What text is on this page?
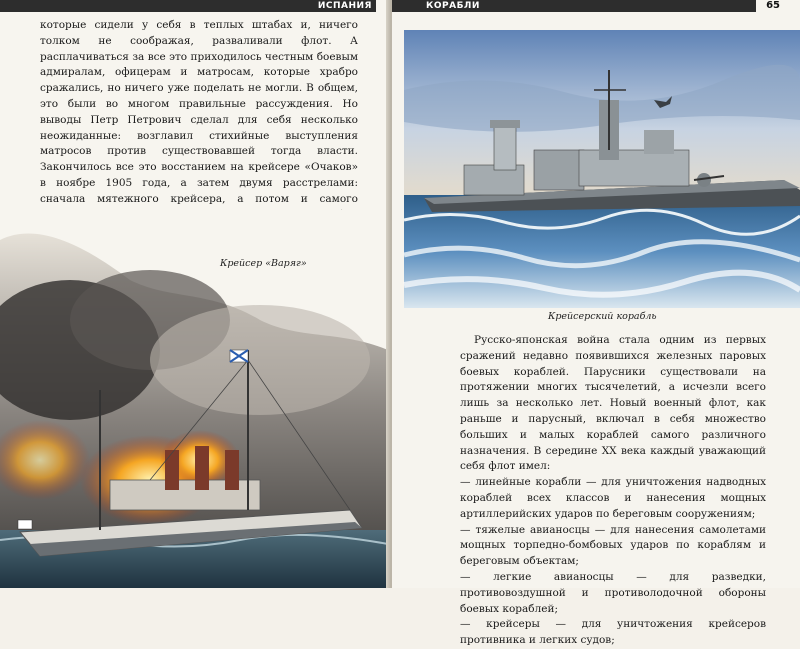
ИСПАНИЯ

которые сидели у себя в теплых штабах и, ничего толком не соображая, разваливали флот. А расплачиваться за все это приходилось честным боевым адмиралам, офицерам и матросам, которые храбро сражались, но ничего уже поделать не могли. В общем, это были во многом правильные рассуждения. Но выводы Петр Петрович сделал для себя несколько неожиданные: возглавил стихийные выступления матросов против существовавшей тогда власти. Закончилось все это восстанием на крейсере «Очаков» в ноябре 1905 года, а затем двумя расстрелами: сначала мятежного крейсера, а потом и самого

Крейсер «Варяг»
КОРАБЛИ	65
Крейсерский корабль

Русско-японская война стала одним из первых сражений недавно появившихся железных паровых боевых кораблей. Парусники существовали на протяжении многих тысячелетий, а исчезли всего лишь за несколько лет. Новый военный флот, как раньше и парусный, включал в себя множество больших и малых кораблей самого различного назначения. В середине XX века каждый уважающий себя флот имел:

— линейные корабли — для уничтожения надводных кораблей всех классов и нанесения мощных артиллерийских ударов по береговым сооружениям;

— тяжелые авианосцы — для нанесения самолетами мощных торпедно-бомбовых ударов по кораблям и береговым объектам;

— легкие авианосцы — для разведки, противовоздушной и противолодочной обороны боевых кораблей;

— крейсеры — для уничтожения крейсеров противника и легких судов;
